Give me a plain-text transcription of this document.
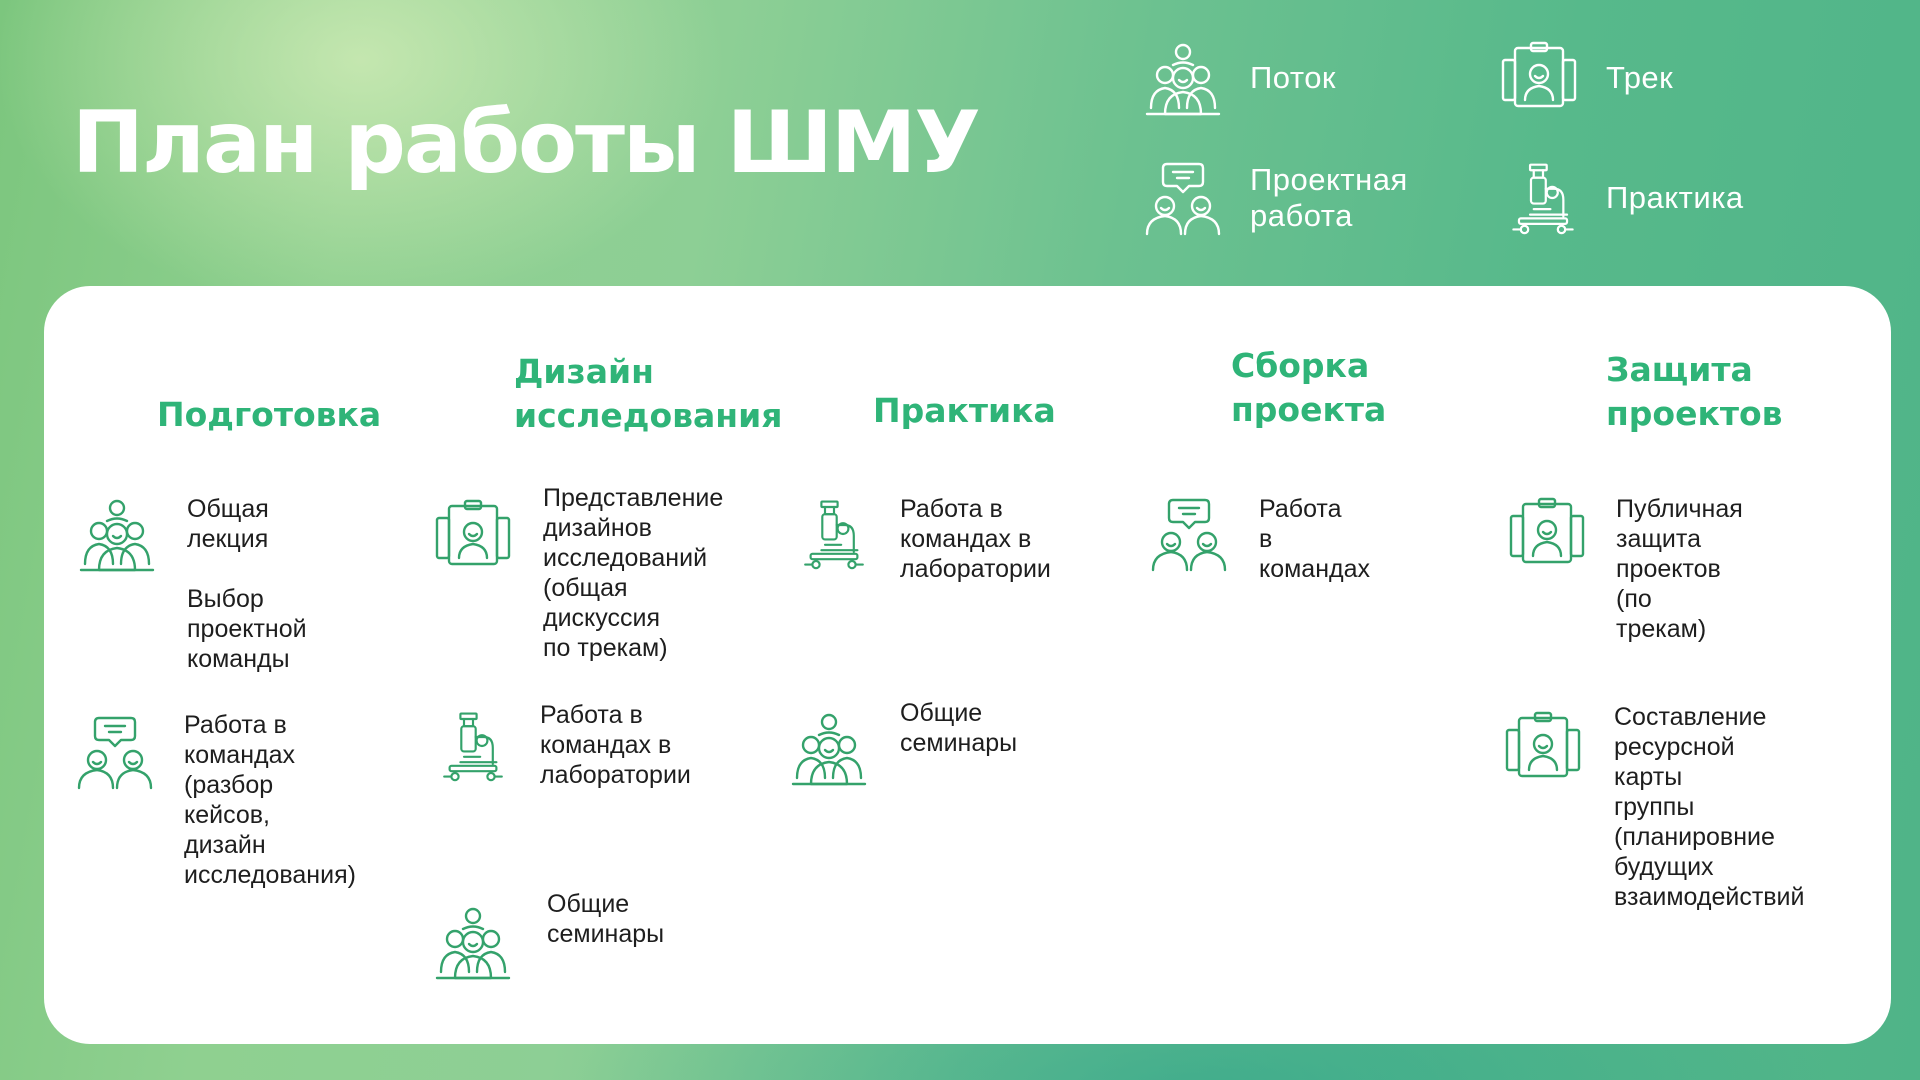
План работы ШМУ
Поток	Трек
Проектная
работа
Практика
Подготовка

Общая лекция

Выбор
проектной
команды

Работа в
командах
(разбор кейсов,
дизайн
исследования)

Дизайн
исследования

Представление
дизайнов
исследований
(общая дискуссия
по трекам)

Работа в
командах в
лаборатории

Общие
семинары

Практика

Работа в
командах в
лаборатории

Общие семинары

Сборка
проекта

Работа
в командах

Защита
проектов

Публичная
защита проектов
(по трекам)

Составление
ресурсной карты
группы
(планировние
будущих
взаимодействий
